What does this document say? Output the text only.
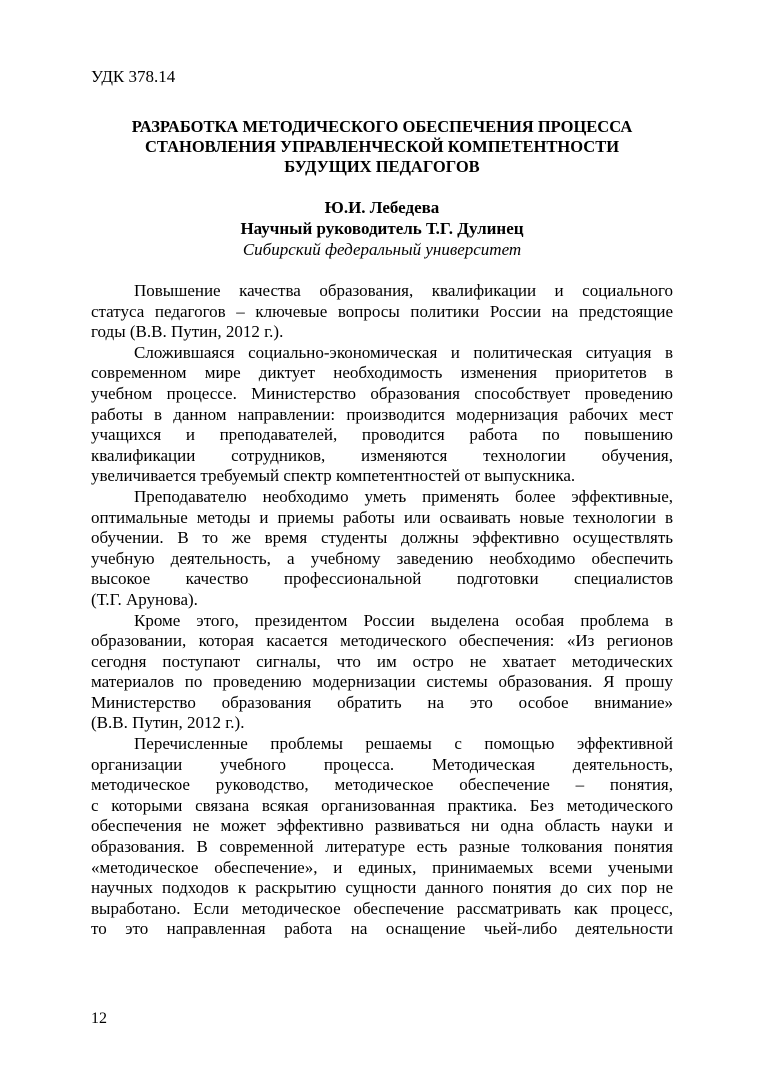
УДК 378.14
РАЗРАБОТКА МЕТОДИЧЕСКОГО ОБЕСПЕЧЕНИЯ ПРОЦЕССА
СТАНОВЛЕНИЯ УПРАВЛЕНЧЕСКОЙ КОМПЕТЕНТНОСТИ
БУДУЩИХ ПЕДАГОГОВ
Ю.И. Лебедева
Научный руководитель Т.Г. Дулинец
Сибирский федеральный университет
Повышение качества образования, квалификации и социального
статуса педагогов – ключевые вопросы политики России на предстоящие
годы (В.В. Путин, 2012 г.).
Сложившаяся социально-экономическая и политическая ситуация в
современном мире диктует необходимость изменения приоритетов в
учебном процессе. Министерство образования способствует проведению
работы в данном направлении: производится модернизация рабочих мест
учащихся и преподавателей, проводится работа по повышению
квалификации сотрудников, изменяются технологии обучения,
увеличивается требуемый спектр компетентностей от выпускника.
Преподавателю необходимо уметь применять более эффективные,
оптимальные методы и приемы работы или осваивать новые технологии в
обучении. В то же время студенты должны эффективно осуществлять
учебную деятельность, а учебному заведению необходимо обеспечить
высокое качество профессиональной подготовки специалистов
(Т.Г. Арунова).
Кроме этого, президентом России выделена особая проблема в
образовании, которая касается методического обеспечения: «Из регионов
сегодня поступают сигналы, что им остро не хватает методических
материалов по проведению модернизации системы образования. Я прошу
Министерство образования обратить на это особое внимание»
(В.В. Путин, 2012 г.).
Перечисленные проблемы решаемы с помощью эффективной
организации учебного процесса. Методическая деятельность,
методическое руководство, методическое обеспечение – понятия,
с которыми связана всякая организованная практика. Без методического
обеспечения не может эффективно развиваться ни одна область науки и
образования. В современной литературе есть разные толкования понятия
«методическое обеспечение», и единых, принимаемых всеми учеными
научных подходов к раскрытию сущности данного понятия до сих пор не
выработано. Если методическое обеспечение рассматривать как процесс,
то это направленная работа на оснащение чьей-либо деятельности
12
